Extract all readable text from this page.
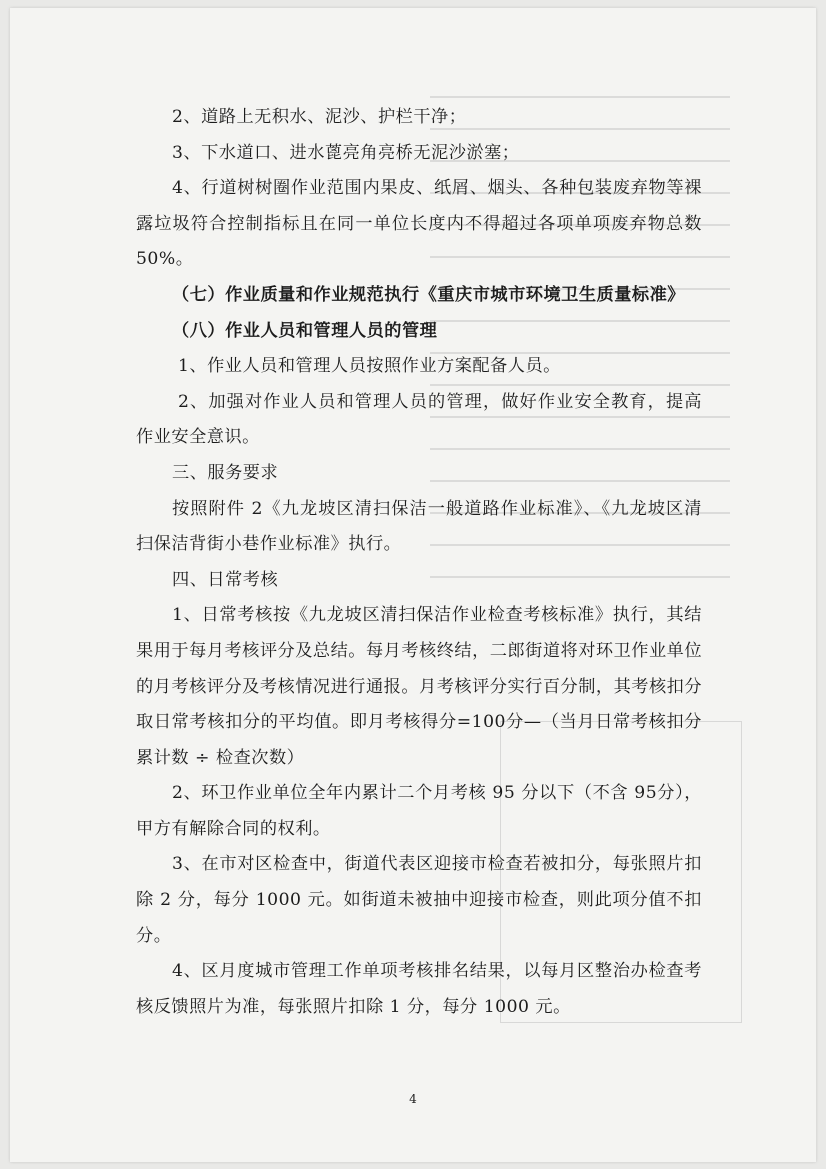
2、道路上无积水、泥沙、护栏干净；

3、下水道口、进水蓖亮角亮桥无泥沙淤塞；

4、行道树树圈作业范围内果皮、纸屑、烟头、各种包装废弃物等裸露垃圾符合控制指标且在同一单位长度内不得超过各项单项废弃物总数 50%。

（七）作业质量和作业规范执行《重庆市城市环境卫生质量标准》

（八）作业人员和管理人员的管理

1、作业人员和管理人员按照作业方案配备人员。

2、加强对作业人员和管理人员的管理，做好作业安全教育，提高作业安全意识。

三、服务要求

按照附件 2《九龙坡区清扫保洁一般道路作业标准》、《九龙坡区清扫保洁背街小巷作业标准》执行。

四、日常考核

1、日常考核按《九龙坡区清扫保洁作业检查考核标准》执行，其结果用于每月考核评分及总结。每月考核终结，二郎街道将对环卫作业单位的月考核评分及考核情况进行通报。月考核评分实行百分制，其考核扣分取日常考核扣分的平均值。即月考核得分=100分—（当月日常考核扣分累计数 ÷ 检查次数）

2、环卫作业单位全年内累计二个月考核 95 分以下（不含 95分），甲方有解除合同的权利。

3、在市对区检查中，街道代表区迎接市检查若被扣分，每张照片扣除 2 分，每分 1000 元。如街道未被抽中迎接市检查，则此项分值不扣分。

4、区月度城市管理工作单项考核排名结果，以每月区整治办检查考核反馈照片为准，每张照片扣除 1 分，每分 1000 元。

4
